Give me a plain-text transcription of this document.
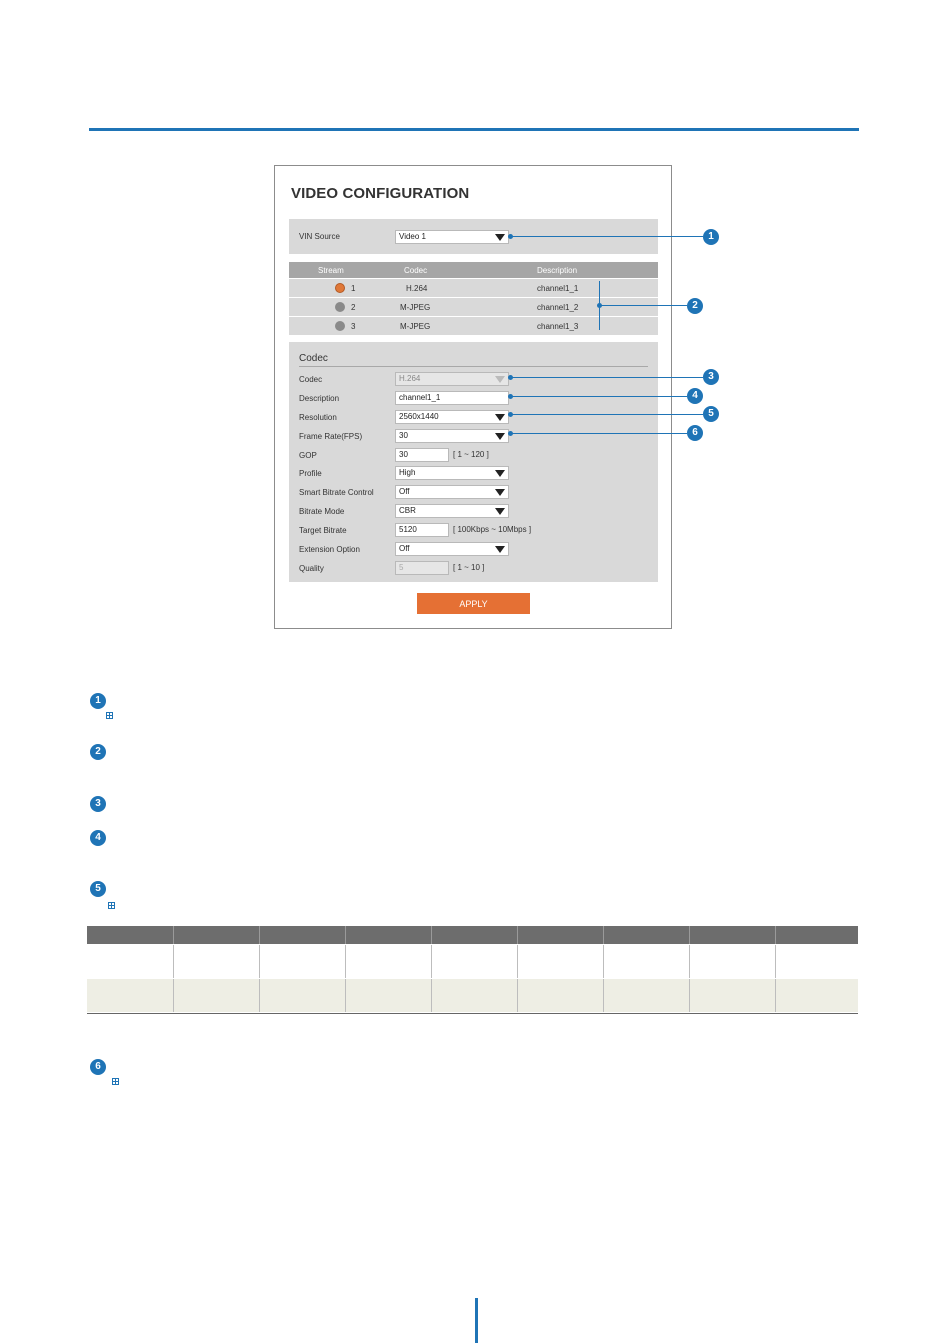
VIDEO CONFIGURATION
VIN Source	Video 1
Stream	Codec	Description
1	H.264	channel1_1
2	M-JPEG	channel1_2
3	M-JPEG	channel1_3
Codec
Codec	H.264
Description	channel1_1
Resolution	2560x1440
Frame Rate(FPS)	30
GOP	30	[ 1 ~ 120 ]
Profile	High
Smart Bitrate Control	Off
Bitrate Mode	CBR
Target Bitrate	5120	[ 100Kbps ~ 10Mbps ]
Extension Option	Off
Quality	5	[ 1 ~ 10 ]
APPLY
1
2
3
4
5
6
1
2
3
4
5
6
